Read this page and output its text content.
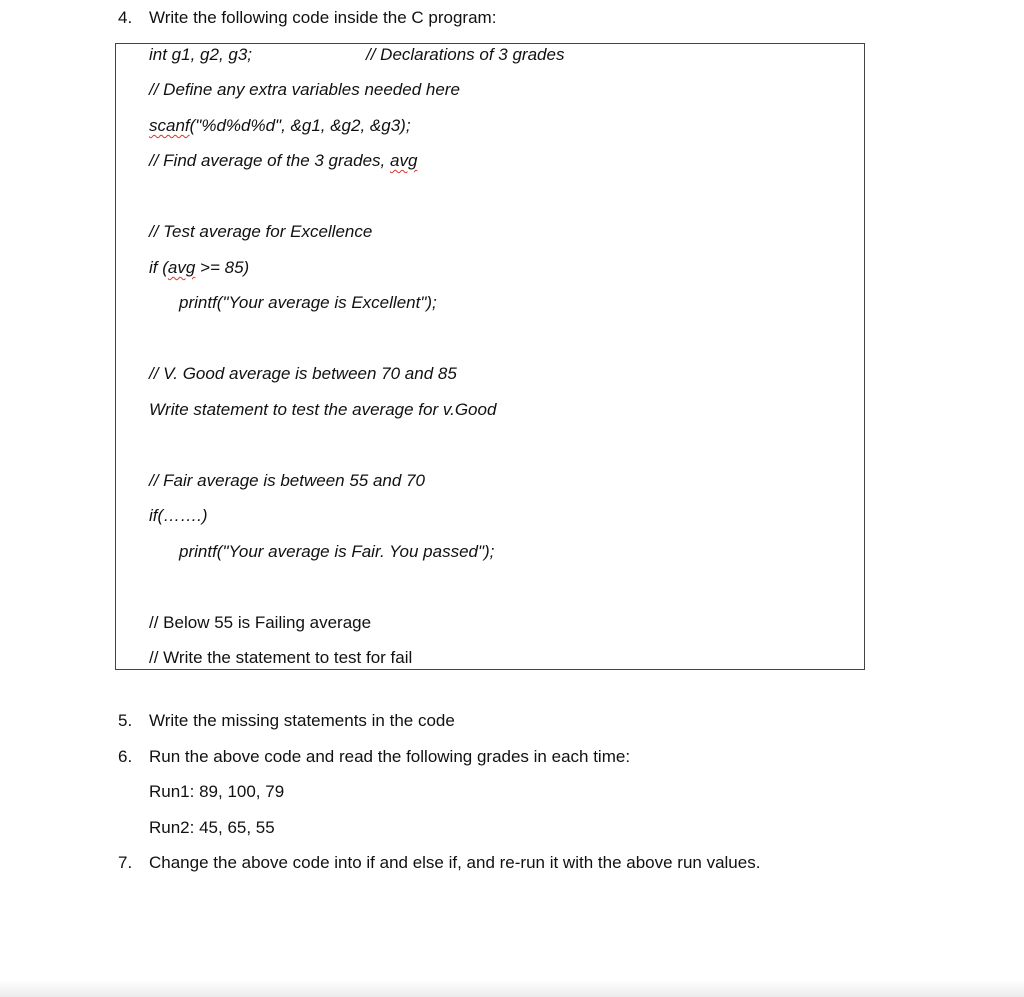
4. Write the following code inside the C program:
int g1, g2, g3;	// Declarations of 3 grades
// Define any extra variables needed here
scanf("%d%d%d", &g1, &g2, &g3);
// Find average of the 3 grades, avg
// Test average for Excellence
if (avg >= 85)
printf("Your average is Excellent");
// V. Good average is between 70 and 85
Write statement to test the average for v.Good
// Fair average is between 55 and 70
if(…….)
printf("Your average is Fair. You passed");
// Below 55 is Failing average
// Write the statement to test for fail
5. Write the missing statements in the code
6. Run the above code and read the following grades in each time:
Run1: 89, 100, 79
Run2: 45, 65, 55
7. Change the above code into if and else if, and re-run it with the above run values.
